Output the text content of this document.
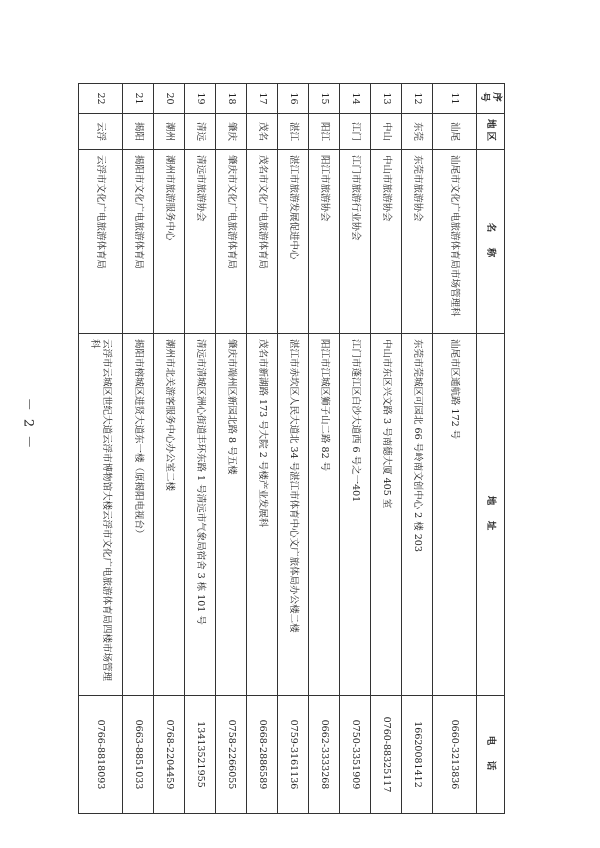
－ 2 －
序号	地区	名　称	地　址	电　话
11	汕尾	汕尾市文化广电旅游体育局市场管理科	汕尾市区通航路 172 号	0660-3213836
12	东莞	东莞市旅游协会	东莞市莞城区可园北 66 号岭南文创中心 2 楼 203	16620081412
13	中山	中山市旅游协会	中山市东区兴文路 3 号南德大厦 405 室	0760-88325117
14	江门	江门市旅游行业协会	江门市蓬江区白沙大道西 6 号之一401	0750-3351909
15	阳江	阳江市旅游协会	阳江市江城区狮子山二路 82 号	0662-3333268
16	湛江	湛江市旅游发展促进中心	湛江市赤坎区人民大道北 34 号湛江市体育中心文广旅体局办公楼二楼	0759-3161136
17	茂名	茂名市文化广电旅游体育局	茂名市新湖路 173 号大院 2 号楼产业发展科	0668-2886589
18	肇庆	肇庆市文化广电旅游体育局	肇庆市端州区新园北路 8 号五楼	0758-2266055
19	清远	清远市旅游协会	清远市清城区洲心街道丰环东路 1 号清远市气象局宿舍 3 栋 101 号	13413521955
20	潮州	潮州市旅游服务中心	潮州市北关游客服务中心办公室二楼	0768-2204459
21	揭阳	揭阳市文化广电旅游体育局	揭阳市榕城区进贤大道东一楼（原揭阳电视台）	0663-8851033
22	云浮	云浮市文化广电旅游体育局	云浮市云城区世纪大道云浮市博物馆大楼云浮市文化广电旅游体育局四楼市场管理科	0766-8818093
